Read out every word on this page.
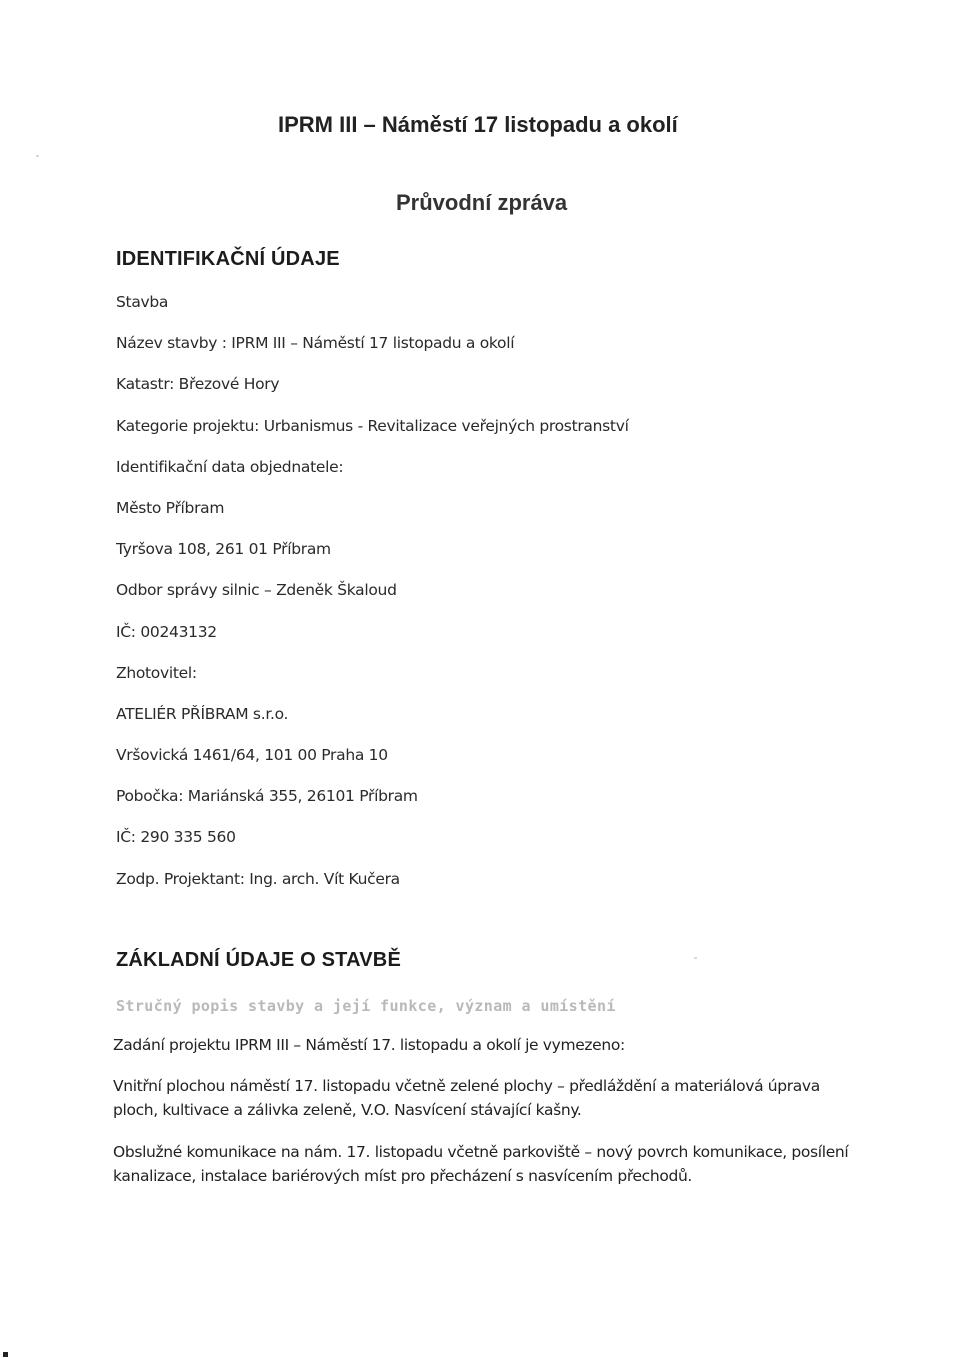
IPRM III – Náměstí 17 listopadu a okolí
Průvodní zpráva
IDENTIFIKAČNÍ ÚDAJE
Stavba
Název stavby : IPRM III – Náměstí 17 listopadu a okolí
Katastr: Březové Hory
Kategorie projektu: Urbanismus - Revitalizace veřejných prostranství
Identifikační data objednatele:
Město Příbram
Tyršova 108, 261 01 Příbram
Odbor správy silnic – Zdeněk Škaloud
IČ: 00243132
Zhotovitel:
ATELIÉR PŘÍBRAM s.r.o.
Vršovická 1461/64, 101 00 Praha 10
Pobočka: Mariánská 355, 26101 Příbram
IČ: 290 335 560
Zodp. Projektant: Ing. arch. Vít Kučera
ZÁKLADNÍ ÚDAJE O STAVBĚ

Stručný popis stavby a její funkce, význam a umístění

Zadání projektu IPRM III – Náměstí 17. listopadu a okolí je vymezeno:

Vnitřní plochou náměstí 17. listopadu včetně zelené plochy – předláždění a materiálová úprava ploch, kultivace a zálivka zeleně, V.O. Nasvícení stávající kašny.

Obslužné komunikace na nám. 17. listopadu včetně parkoviště – nový povrch komunikace, posílení kanalizace, instalace bariérových míst pro přecházení s nasvícením přechodů.
